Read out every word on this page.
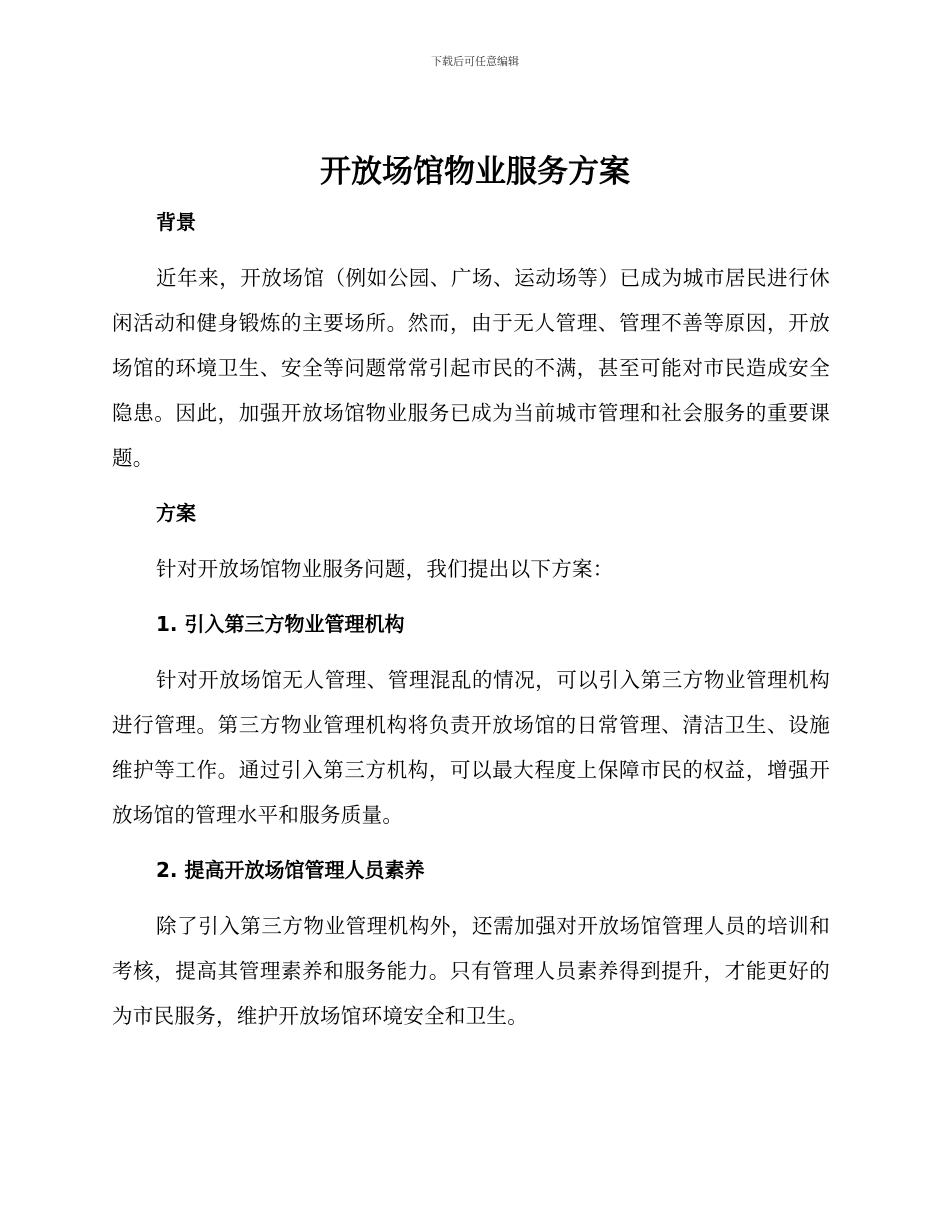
下载后可任意编辑
开放场馆物业服务方案
背景

近年来，开放场馆（例如公园、广场、运动场等）已成为城市居民进行休闲活动和健身锻炼的主要场所。然而，由于无人管理、管理不善等原因，开放场馆的环境卫生、安全等问题常常引起市民的不满，甚至可能对市民造成安全隐患。因此，加强开放场馆物业服务已成为当前城市管理和社会服务的重要课题。

方案

针对开放场馆物业服务问题，我们提出以下方案：

1. 引入第三方物业管理机构

针对开放场馆无人管理、管理混乱的情况，可以引入第三方物业管理机构进行管理。第三方物业管理机构将负责开放场馆的日常管理、清洁卫生、设施维护等工作。通过引入第三方机构，可以最大程度上保障市民的权益，增强开放场馆的管理水平和服务质量。

2. 提高开放场馆管理人员素养

除了引入第三方物业管理机构外，还需加强对开放场馆管理人员的培训和考核，提高其管理素养和服务能力。只有管理人员素养得到提升，才能更好的为市民服务，维护开放场馆环境安全和卫生。
